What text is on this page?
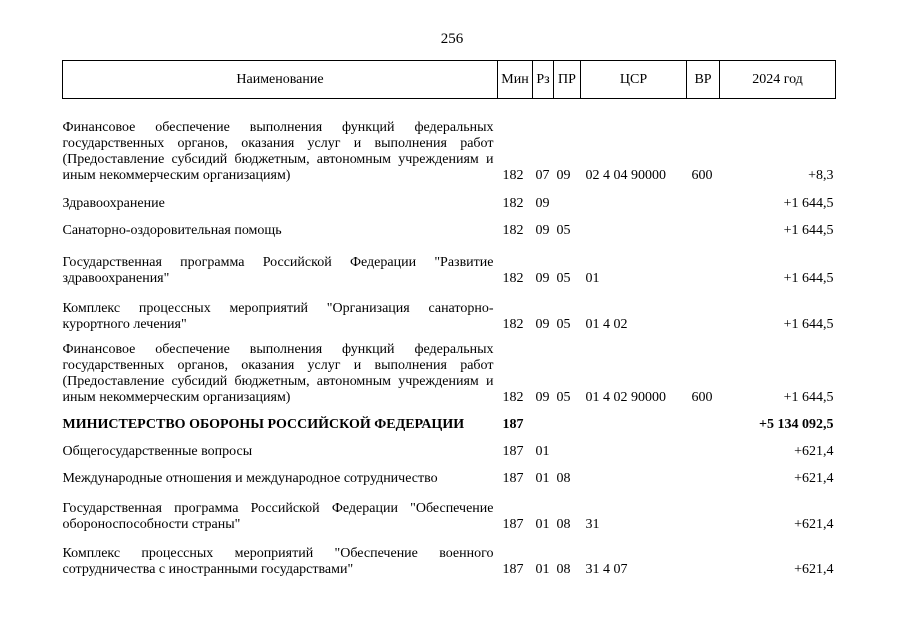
256
Наименование	Мин	Рз	ПР	ЦСР	ВР	2024 год
Финансовое обеспечение выполнения функций федеральных государственных органов, оказания услуг и выполнения работ (Предоставление субсидий бюджетным, автономным учреждениям и иным некоммерческим организациям)	182	07	09	02 4 04 90000	600	+8,3
Здравоохранение	182	09				+1 644,5
Санаторно-оздоровительная помощь	182	09	05			+1 644,5
Государственная программа Российской Федерации "Развитие здравоохранения"	182	09	05	01		+1 644,5
Комплекс процессных мероприятий "Организация санаторно-курортного лечения"	182	09	05	01 4 02		+1 644,5
Финансовое обеспечение выполнения функций федеральных государственных органов, оказания услуг и выполнения работ (Предоставление субсидий бюджетным, автономным учреждениям и иным некоммерческим организациям)	182	09	05	01 4 02 90000	600	+1 644,5
МИНИСТЕРСТВО ОБОРОНЫ РОССИЙСКОЙ ФЕДЕРАЦИИ	187					+5 134 092,5
Общегосударственные вопросы	187	01				+621,4
Международные отношения и международное сотрудничество	187	01	08			+621,4
Государственная программа Российской Федерации "Обеспечение обороноспособности страны"	187	01	08	31		+621,4
Комплекс процессных мероприятий "Обеспечение военного сотрудничества с иностранными государствами"	187	01	08	31 4 07		+621,4
